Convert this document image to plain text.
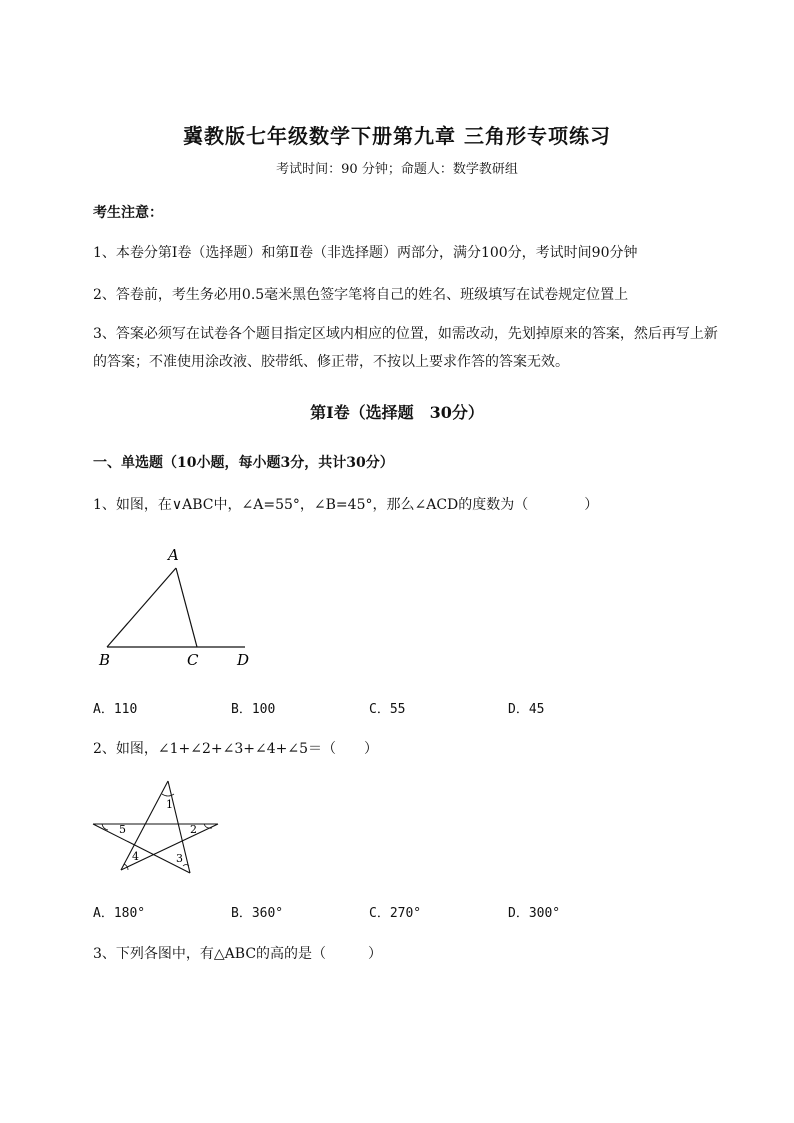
冀教版七年级数学下册第九章 三角形专项练习
考试时间：90 分钟；命题人：数学教研组
考生注意：
1、本卷分第Ⅰ卷（选择题）和第Ⅱ卷（非选择题）两部分，满分100分，考试时间90分钟
2、答卷前，考生务必用0.5毫米黑色签字笔将自己的姓名、班级填写在试卷规定位置上
3、答案必须写在试卷各个题目指定区域内相应的位置，如需改动，先划掉原来的答案，然后再写上新的答案；不准使用涂改液、胶带纸、修正带，不按以上要求作答的答案无效。
第Ⅰ卷（选择题　30分）
一、单选题（10小题，每小题3分，共计30分）
1、如图，在∨ABC中，∠A=55°，∠B=45°，那么∠ACD的度数为（　　　　）
A
B	C	D
A．110	B．100	C．55	D．45
2、如图，∠1+∠2+∠3+∠4+∠5＝（　　）
1
2
3
4
5
A．180°	B．360°	C．270°	D．300°
3、下列各图中，有△ABC的高的是（　　　）
